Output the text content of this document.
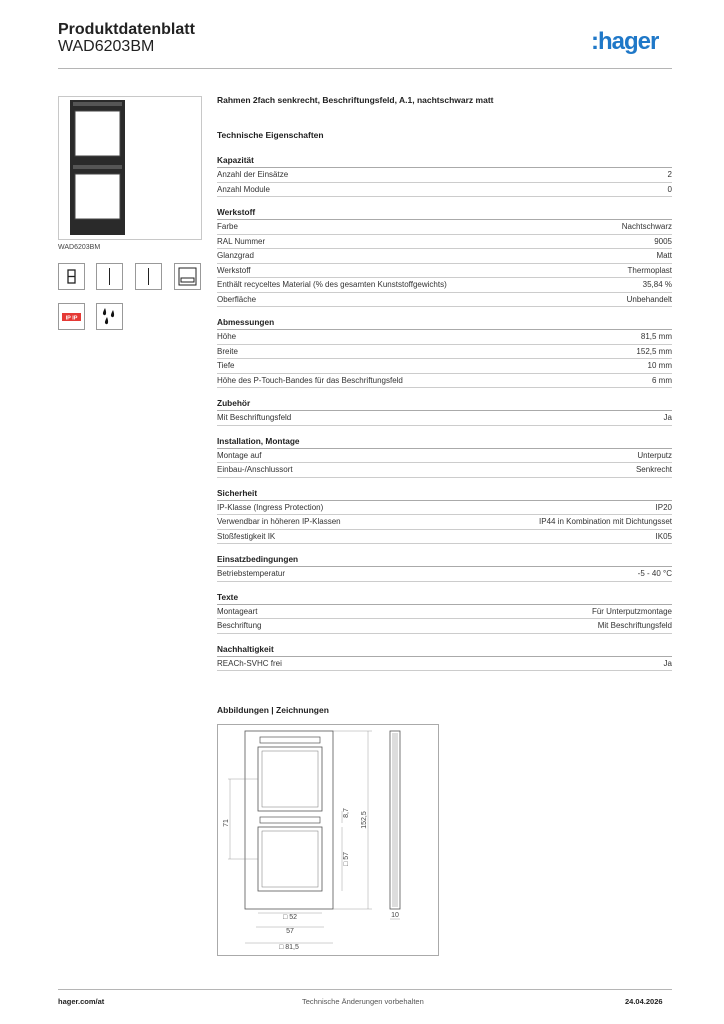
Produktdatenblatt
WAD6203BM	:hager
WAD6203BM
IP IP
Rahmen 2fach senkrecht, Beschriftungsfeld, A.1, nachtschwarz matt
Technische Eigenschaften
Kapazität
Anzahl der Einsätze	2
Anzahl Module	0
Werkstoff
Farbe	Nachtschwarz
RAL Nummer	9005
Glanzgrad	Matt
Werkstoff	Thermoplast
Enthält recyceltes Material (% des gesamten Kunststoffgewichts)	35,84 %
Oberfläche	Unbehandelt
Abmessungen
Höhe	81,5 mm
Breite	152,5 mm
Tiefe	10 mm
Höhe des P-Touch-Bandes für das Beschriftungsfeld	6 mm
Zubehör
Mit Beschriftungsfeld	Ja
Installation, Montage
Montage auf	Unterputz
Einbau-/Anschlussort	Senkrecht
Sicherheit
IP-Klasse (Ingress Protection)	IP20
Verwendbar in höheren IP-Klassen	IP44 in Kombination mit Dichtungsset
Stoßfestigkeit IK	IK05
Einsatzbedingungen
Betriebstemperatur	-5 - 40 °C
Texte
Montageart	Für Unterputzmontage
Beschriftung	Mit Beschriftungsfeld
Nachhaltigkeit
REACh-SVHC frei	Ja
Abbildungen | Zeichnungen
71
8,7 152,5
□ 57
□ 52
57
□ 81,5
10
hager.com/at	Technische Änderungen vorbehalten	24.04.2026
